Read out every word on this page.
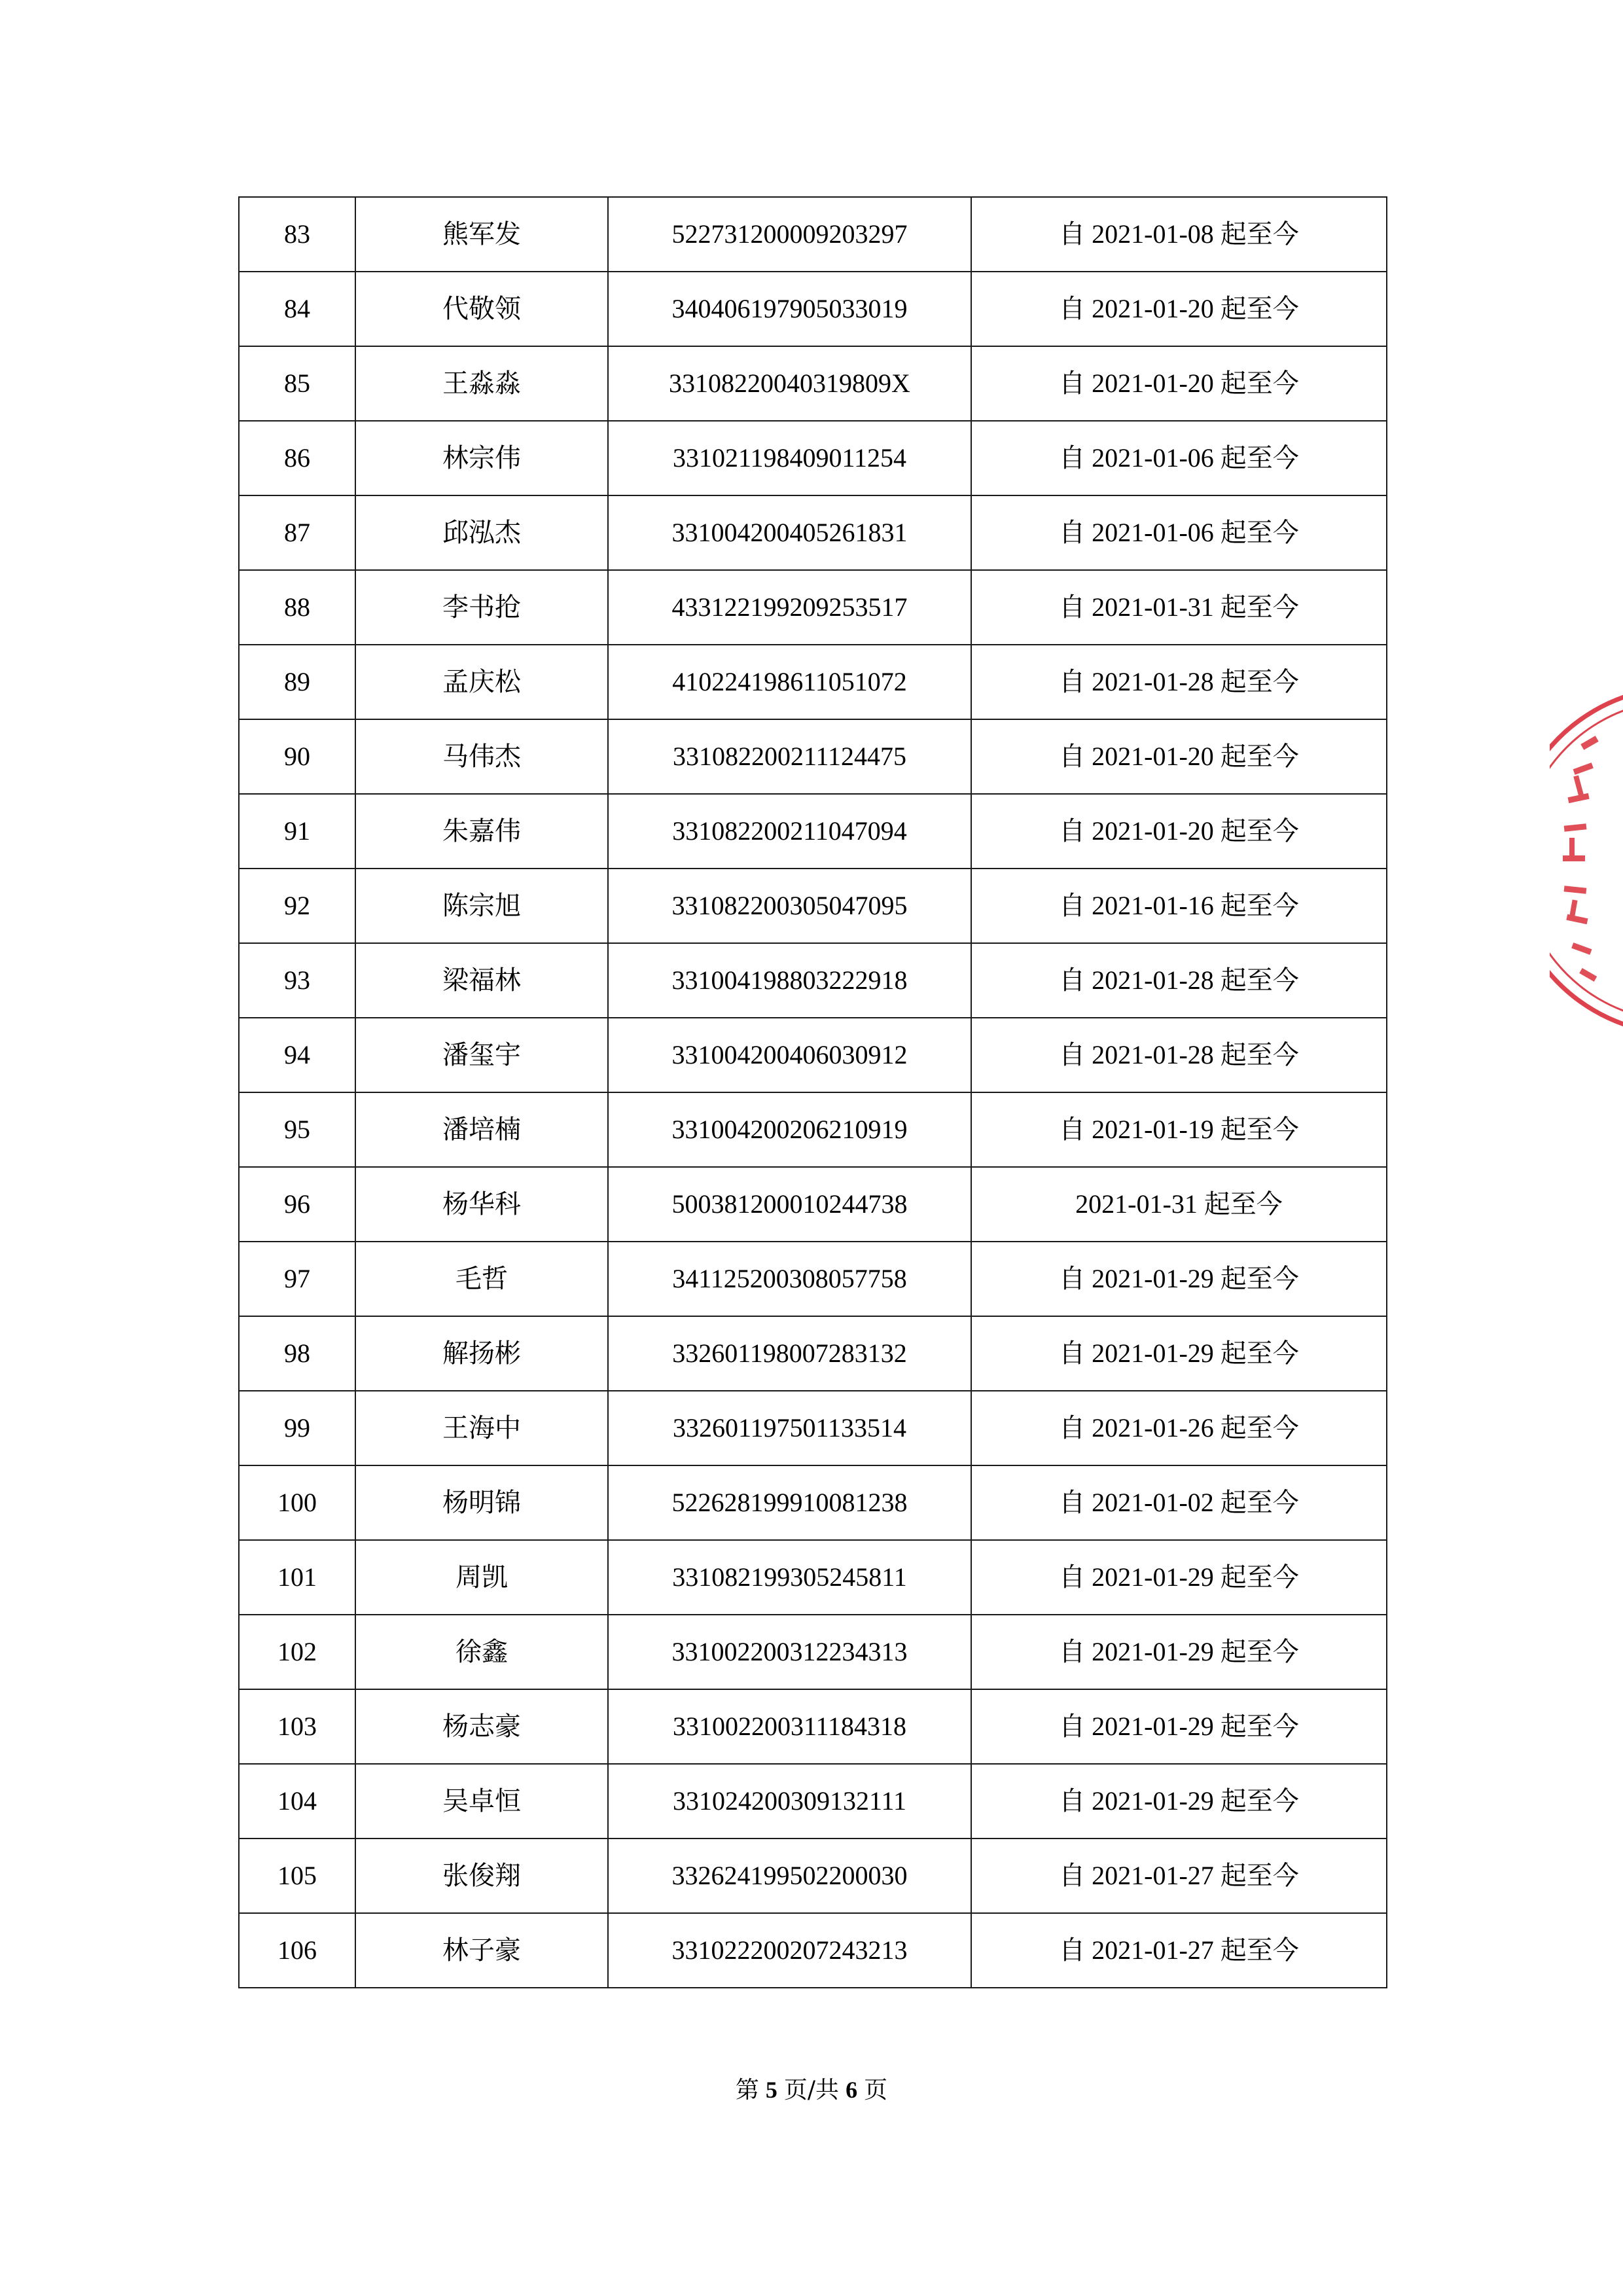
83	熊军发	522731200009203297	自 2021-01-08 起至今
84	代敬领	340406197905033019	自 2021-01-20 起至今
85	王淼淼	33108220040319809X	自 2021-01-20 起至今
86	林宗伟	331021198409011254	自 2021-01-06 起至今
87	邱泓杰	331004200405261831	自 2021-01-06 起至今
88	李书抢	433122199209253517	自 2021-01-31 起至今
89	孟庆松	410224198611051072	自 2021-01-28 起至今
90	马伟杰	331082200211124475	自 2021-01-20 起至今
91	朱嘉伟	331082200211047094	自 2021-01-20 起至今
92	陈宗旭	331082200305047095	自 2021-01-16 起至今
93	梁福林	331004198803222918	自 2021-01-28 起至今
94	潘玺宇	331004200406030912	自 2021-01-28 起至今
95	潘培楠	331004200206210919	自 2021-01-19 起至今
96	杨华科	500381200010244738	2021-01-31 起至今
97	毛哲	341125200308057758	自 2021-01-29 起至今
98	解扬彬	332601198007283132	自 2021-01-29 起至今
99	王海中	332601197501133514	自 2021-01-26 起至今
100	杨明锦	522628199910081238	自 2021-01-02 起至今
101	周凯	331082199305245811	自 2021-01-29 起至今
102	徐鑫	331002200312234313	自 2021-01-29 起至今
103	杨志豪	331002200311184318	自 2021-01-29 起至今
104	吴卓恒	331024200309132111	自 2021-01-29 起至今
105	张俊翔	332624199502200030	自 2021-01-27 起至今
106	林子豪	331022200207243213	自 2021-01-27 起至今
第 5 页/共 6 页
